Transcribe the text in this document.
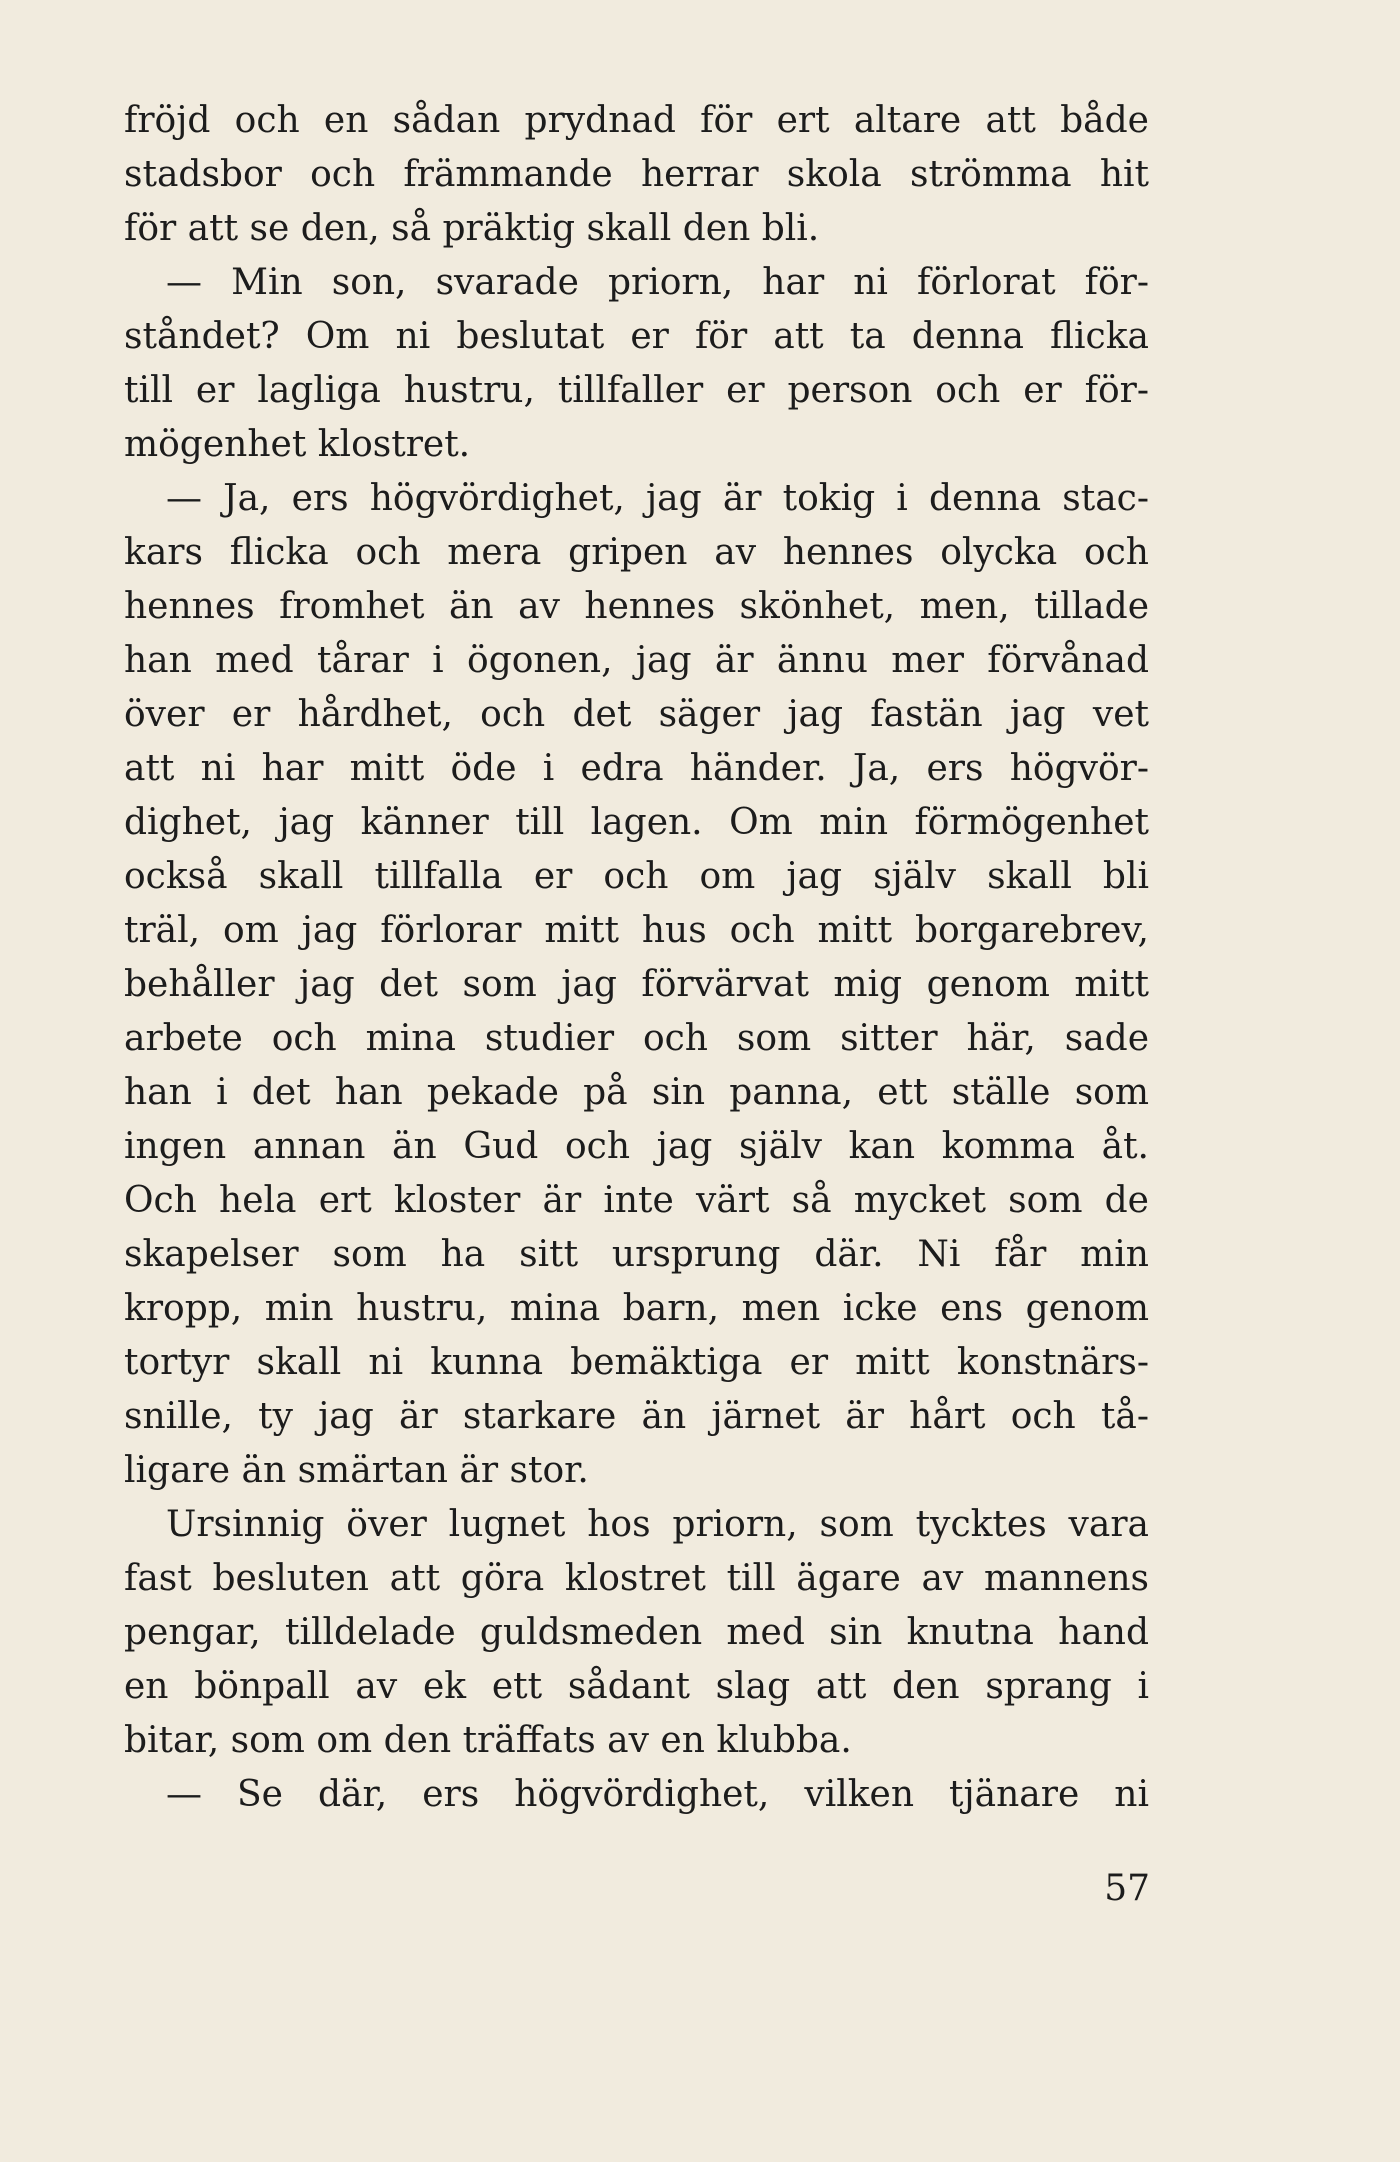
fröjd och en sådan prydnad för ert altare att både
stadsbor och främmande herrar skola strömma hit
för att se den, så präktig skall den bli.
— Min son, svarade priorn, har ni förlorat för-
ståndet? Om ni beslutat er för att ta denna flicka
till er lagliga hustru, tillfaller er person och er för-
mögenhet klostret.
— Ja, ers högvördighet, jag är tokig i denna stac-
kars flicka och mera gripen av hennes olycka och
hennes fromhet än av hennes skönhet, men, tillade
han med tårar i ögonen, jag är ännu mer förvånad
över er hårdhet, och det säger jag fastän jag vet
att ni har mitt öde i edra händer. Ja, ers högvör-
dighet, jag känner till lagen. Om min förmögenhet
också skall tillfalla er och om jag själv skall bli
träl, om jag förlorar mitt hus och mitt borgarebrev,
behåller jag det som jag förvärvat mig genom mitt
arbete och mina studier och som sitter här, sade
han i det han pekade på sin panna, ett ställe som
ingen annan än Gud och jag själv kan komma åt.
Och hela ert kloster är inte värt så mycket som de
skapelser som ha sitt ursprung där. Ni får min
kropp, min hustru, mina barn, men icke ens genom
tortyr skall ni kunna bemäktiga er mitt konstnärs-
snille, ty jag är starkare än järnet är hårt och tå-
ligare än smärtan är stor.
Ursinnig över lugnet hos priorn, som tycktes vara
fast besluten att göra klostret till ägare av mannens
pengar, tilldelade guldsmeden med sin knutna hand
en bönpall av ek ett sådant slag att den sprang i
bitar, som om den träffats av en klubba.
— Se där, ers högvördighet, vilken tjänare ni
57
